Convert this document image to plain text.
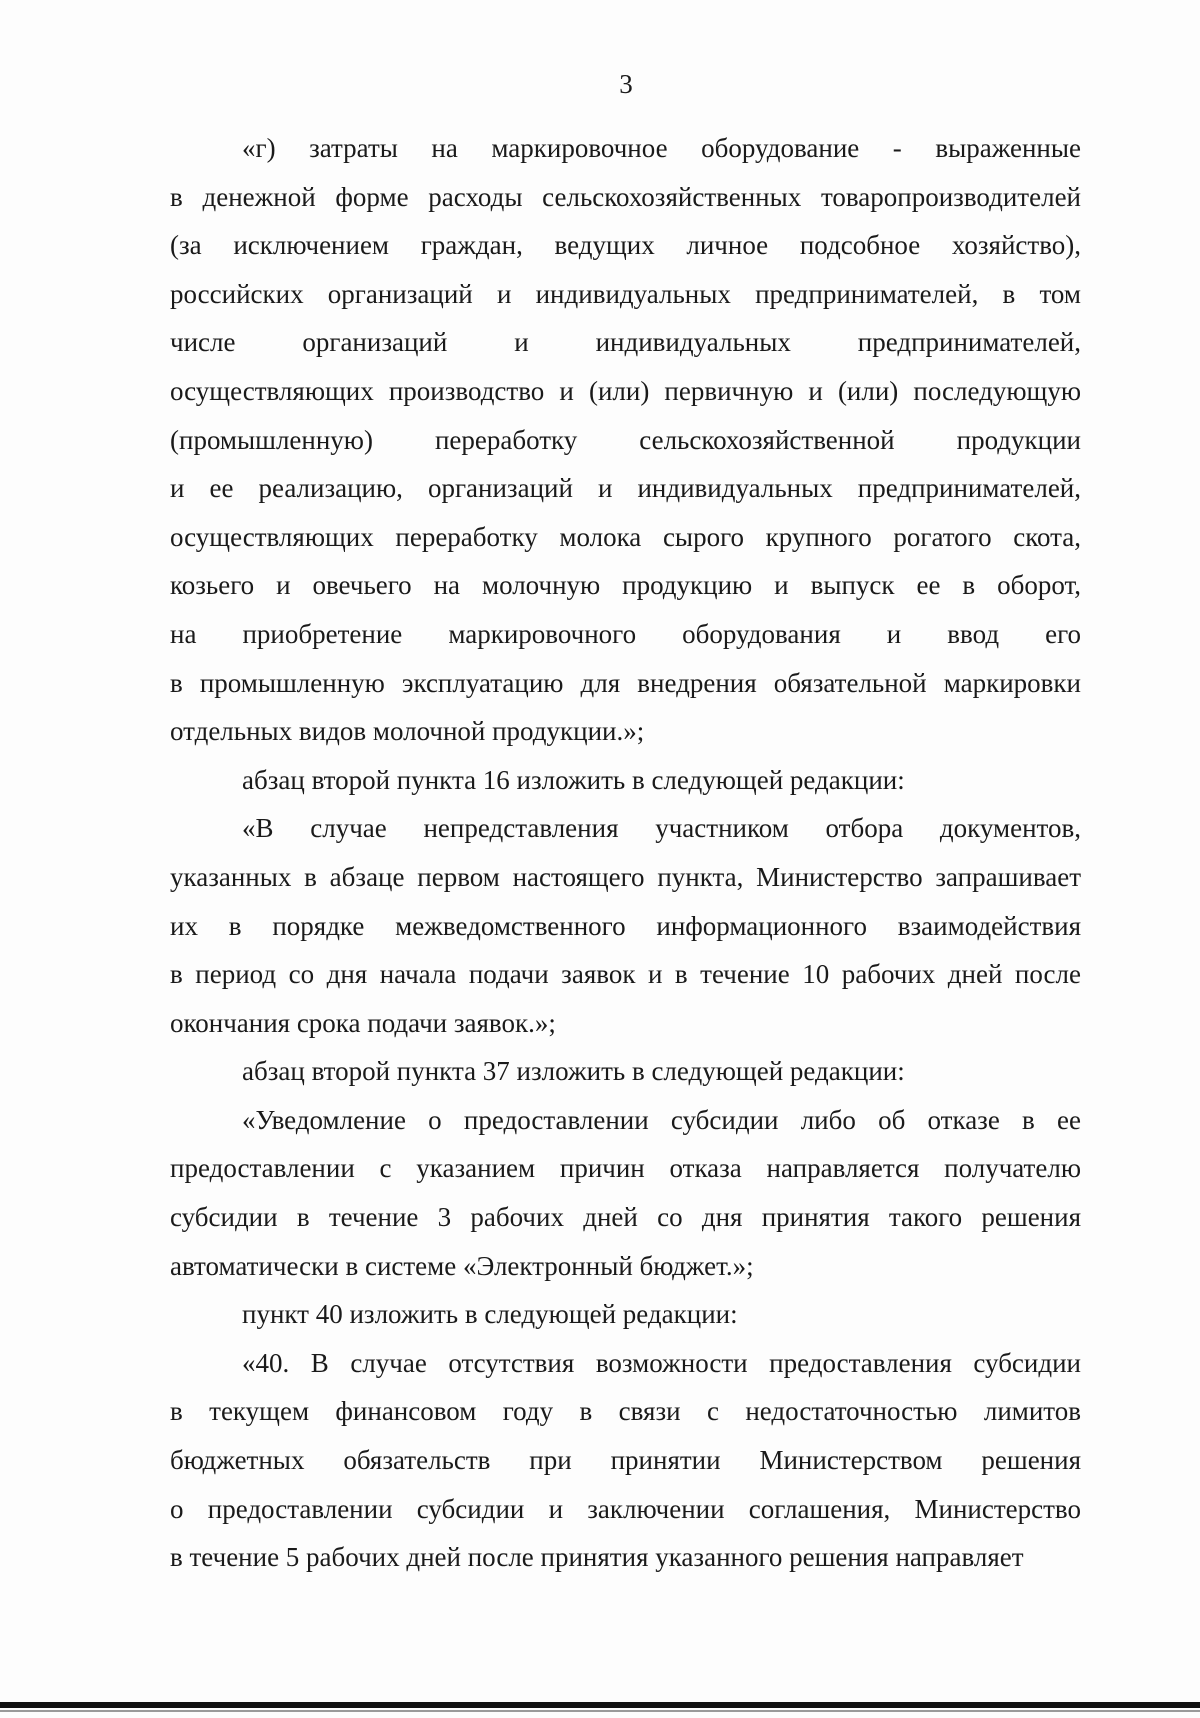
3
«г) затраты на маркировочное оборудование - выраженные
в денежной форме расходы сельскохозяйственных товаропроизводителей
(за исключением граждан, ведущих личное подсобное хозяйство),
российских организаций и индивидуальных предпринимателей, в том
числе организаций и индивидуальных предпринимателей,
осуществляющих производство и (или) первичную и (или) последующую
(промышленную) переработку сельскохозяйственной продукции
и ее реализацию, организаций и индивидуальных предпринимателей,
осуществляющих переработку молока сырого крупного рогатого скота,
козьего и овечьего на молочную продукцию и выпуск ее в оборот,
на приобретение маркировочного оборудования и ввод его
в промышленную эксплуатацию для внедрения обязательной маркировки
отдельных видов молочной продукции.»;
абзац второй пункта 16 изложить в следующей редакции:
«В случае непредставления участником отбора документов,
указанных в абзаце первом настоящего пункта, Министерство запрашивает
их в порядке межведомственного информационного взаимодействия
в период со дня начала подачи заявок и в течение 10 рабочих дней после
окончания срока подачи заявок.»;
абзац второй пункта 37 изложить в следующей редакции:
«Уведомление о предоставлении субсидии либо об отказе в ее
предоставлении с указанием причин отказа направляется получателю
субсидии в течение 3 рабочих дней со дня принятия такого решения
автоматически в системе «Электронный бюджет.»;
пункт 40 изложить в следующей редакции:
«40. В случае отсутствия возможности предоставления субсидии
в текущем финансовом году в связи с недостаточностью лимитов
бюджетных обязательств при принятии Министерством решения
о предоставлении субсидии и заключении соглашения, Министерство
в течение 5 рабочих дней после принятия указанного решения направляет
